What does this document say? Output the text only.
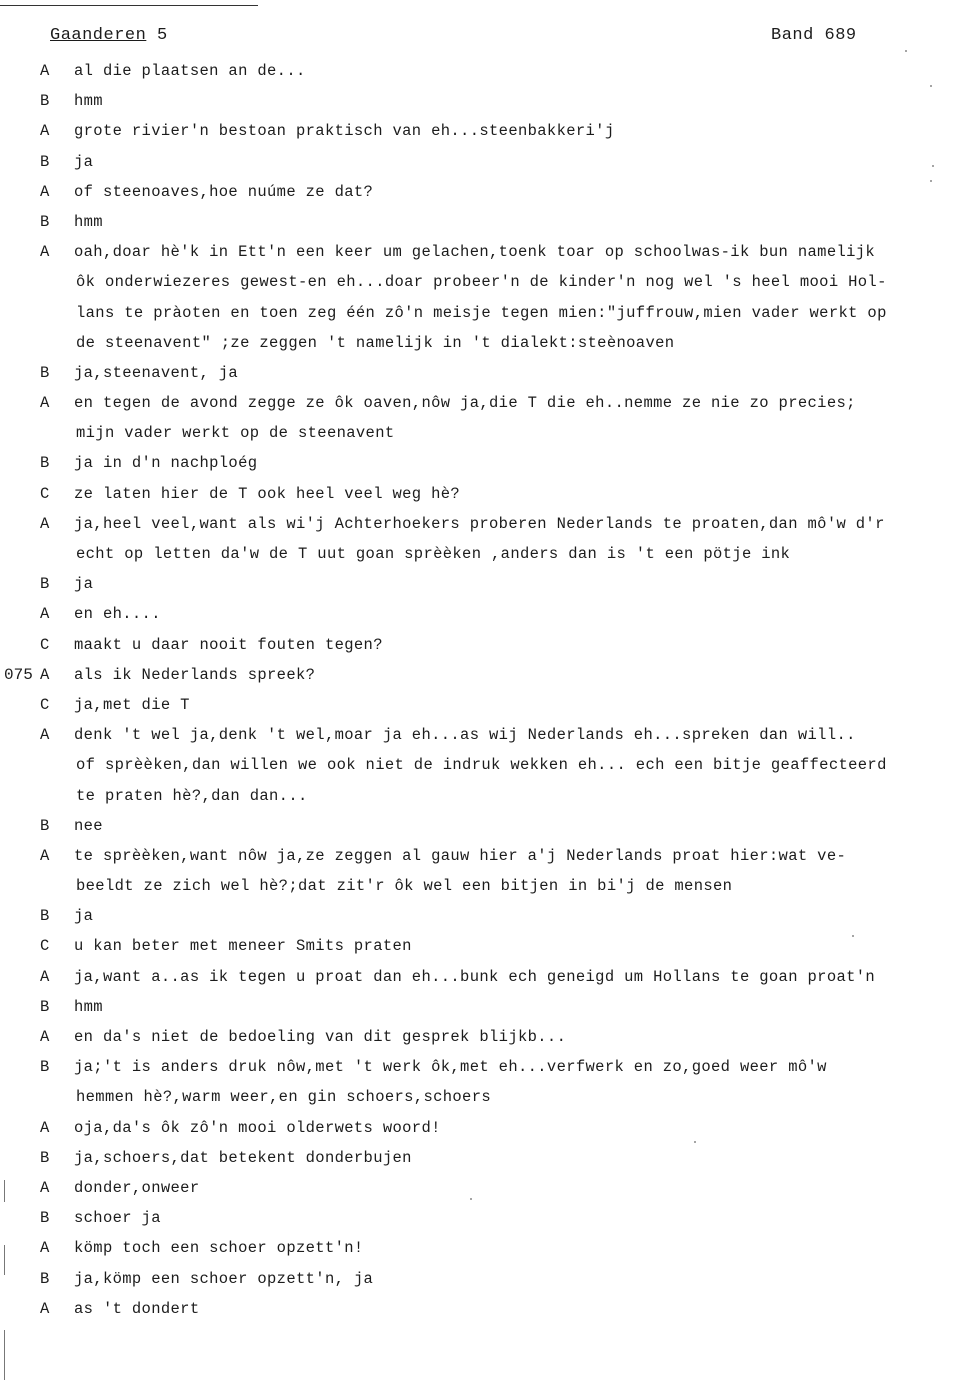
Gaanderen 5	Band 689
A al die plaatsen an de...
B hmm
A grote rivier'n bestoan praktisch van eh...steenbakkeri'j
B ja
A of steenoaves,hoe nuúme ze dat?
B hmm
A oah,doar hè'k in Ett'n een keer um gelachen,toenk toar op schoolwas-ik bun namelijk
ôk onderwiezeres gewest-en eh...doar probeer'n de kinder'n nog wel 's heel mooi Hol-
lans te pràoten en toen zeg één zô'n meisje tegen mien:"juffrouw,mien vader werkt op
de steenavent" ;ze zeggen 't namelijk in 't dialekt:steènoaven
B ja,steenavent, ja
A en tegen de avond zegge ze ôk oaven,nôw ja,die T die eh..nemme ze nie zo precies;
mijn vader werkt op de steenavent
B ja in d'n nachploég
C ze laten hier de T ook heel veel weg hè?
A ja,heel veel,want als wi'j Achterhoekers proberen Nederlands te proaten,dan mô'w d'r
echt op letten da'w de T uut goan sprèèken ,anders dan is 't een pötje ink
B ja
A en eh....
C maakt u daar nooit fouten tegen?
075 A als ik Nederlands spreek?
C ja,met die T
A denk 't wel ja,denk 't wel,moar ja eh...as wij Nederlands eh...spreken dan will..
of sprèèken,dan willen we ook niet de indruk wekken eh... ech een bitje geaffecteerd
te praten hè?,dan dan...
B nee
A te sprèèken,want nôw ja,ze zeggen al gauw hier a'j Nederlands proat hier:wat ve-
beeldt ze zich wel hè?;dat zit'r ôk wel een bitjen in bi'j de mensen
B ja
C u kan beter met meneer Smits praten
A ja,want a..as ik tegen u proat dan eh...bunk ech geneigd um Hollans te goan proat'n
B hmm
A en da's niet de bedoeling van dit gesprek blijkb...
B ja;'t is anders druk nôw,met 't werk ôk,met eh...verfwerk en zo,goed weer mô'w
hemmen hè?,warm weer,en gin schoers,schoers
A oja,da's ôk zô'n mooi olderwets woord!
B ja,schoers,dat betekent donderbujen
A donder,onweer
B schoer ja
A kömp toch een schoer opzett'n!
B ja,kömp een schoer opzett'n, ja
A as 't dondert
